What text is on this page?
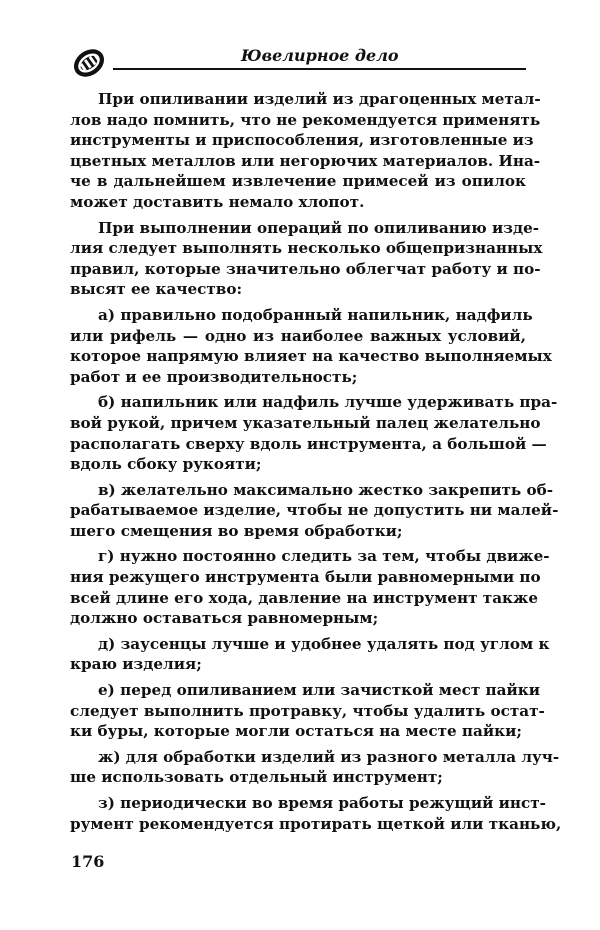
Ювелирное дело
При опиливании изделий из драгоценных метал-
лов надо помнить, что не рекомендуется применять
инструменты и приспособления, изготовленные из
цветных металлов или негорючих материалов. Ина-
че в дальнейшем извлечение примесей из опилок
может доставить немало хлопот.
При выполнении операций по опиливанию изде-
лия следует выполнять несколько общепризнанных
правил, которые значительно облегчат работу и по-
высят ее качество:
а) правильно подобранный напильник, надфиль
или рифель — одно из наиболее важных условий,
которое напрямую влияет на качество выполняемых
работ и ее производительность;
б) напильник или надфиль лучше удерживать пра-
вой рукой, причем указательный палец желательно
располагать сверху вдоль инструмента, а большой —
вдоль сбоку рукояти;
в) желательно максимально жестко закрепить об-
рабатываемое изделие, чтобы не допустить ни малей-
шего смещения во время обработки;
г) нужно постоянно следить за тем, чтобы движе-
ния режущего инструмента были равномерными по
всей длине его хода, давление на инструмент также
должно оставаться равномерным;
д) заусенцы лучше и удобнее удалять под углом к
краю изделия;
е) перед опиливанием или зачисткой мест пайки
следует выполнить протравку, чтобы удалить остат-
ки буры, которые могли остаться на месте пайки;
ж) для обработки изделий из разного металла луч-
ше использовать отдельный инструмент;
з) периодически во время работы режущий инст-
румент рекомендуется протирать щеткой или тканью,
176
